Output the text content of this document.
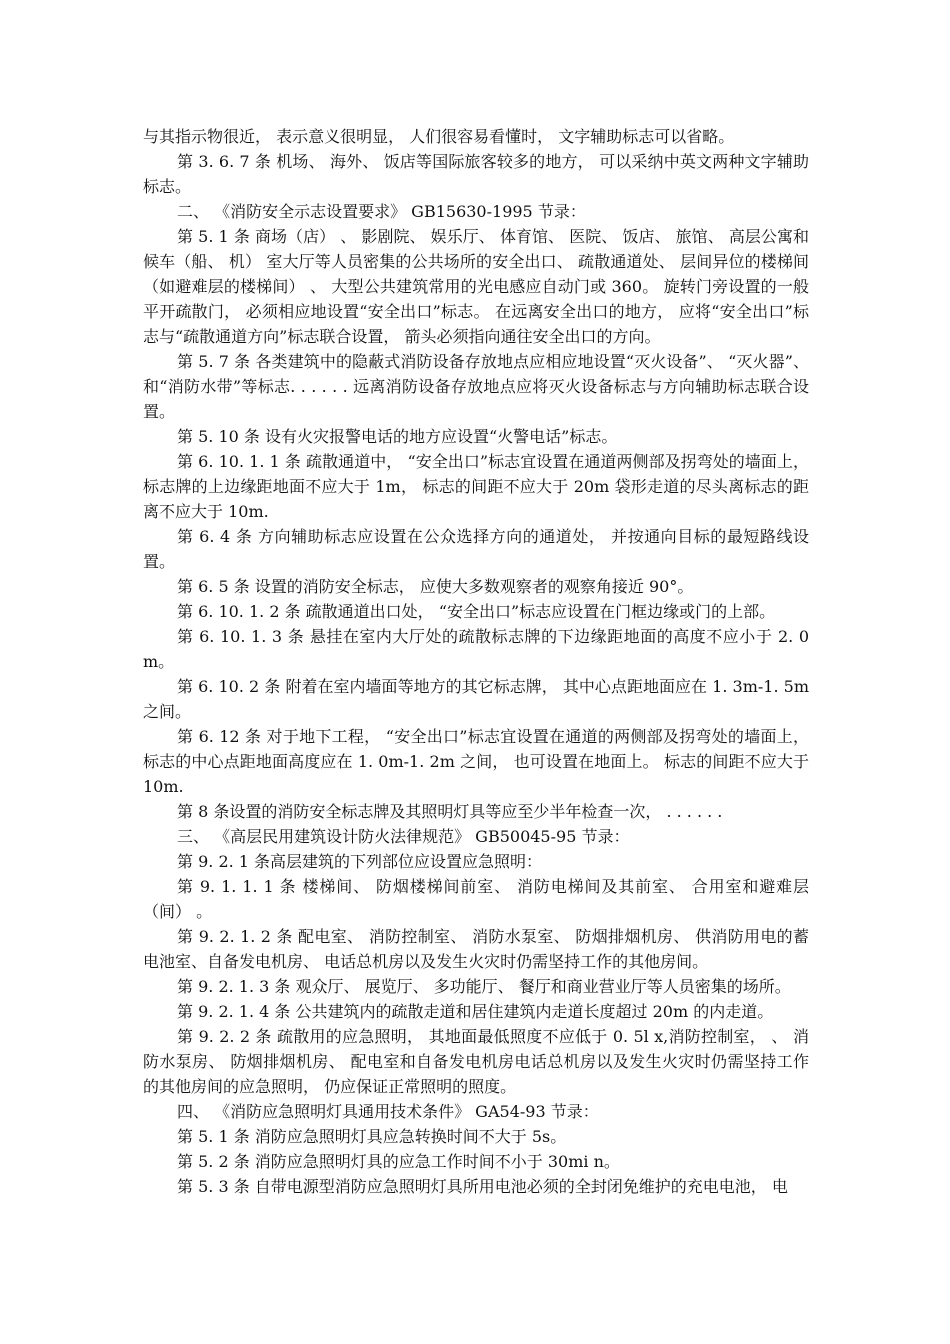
与其指示物很近， 表示意义很明显， 人们很容易看懂时， 文字辅助标志可以省略。

第 3. 6. 7 条 机场、 海外、 饭店等国际旅客较多的地方， 可以采纳中英文两种文字辅助标志。

二、 《消防安全示志设置要求》 GB15630-1995 节录：

第 5. 1 条 商场（店） 、 影剧院、 娱乐厅、 体育馆、 医院、 饭店、 旅馆、 高层公寓和候车（船、 机） 室大厅等人员密集的公共场所的安全出口、 疏散通道处、 层间异位的楼梯间（如避难层的楼梯间） 、 大型公共建筑常用的光电感应自动门或 360。 旋转门旁设置的一般平开疏散门， 必须相应地设置“安全出口”标志。 在远离安全出口的地方， 应将“安全出口”标志与“疏散通道方向”标志联合设置， 箭头必须指向通往安全出口的方向。

第 5. 7 条 各类建筑中的隐蔽式消防设备存放地点应相应地设置“灭火设备”、 “灭火器”、 和“消防水带”等标志. . . . . . 远离消防设备存放地点应将灭火设备标志与方向辅助标志联合设置。

第 5. 10 条 设有火灾报警电话的地方应设置“火警电话”标志。

第 6. 10. 1. 1 条 疏散通道中， “安全出口”标志宜设置在通道两侧部及拐弯处的墙面上， 标志牌的上边缘距地面不应大于 1m， 标志的间距不应大于 20m 袋形走道的尽头离标志的距离不应大于 10m.

第 6. 4 条 方向辅助标志应设置在公众选择方向的通道处， 并按通向目标的最短路线设置。

第 6. 5 条 设置的消防安全标志， 应使大多数观察者的观察角接近 90°。

第 6. 10. 1. 2 条 疏散通道出口处， “安全出口”标志应设置在门框边缘或门的上部。

第 6. 10. 1. 3 条 悬挂在室内大厅处的疏散标志牌的下边缘距地面的高度不应小于 2. 0m。

第 6. 10. 2 条 附着在室内墙面等地方的其它标志牌， 其中心点距地面应在 1. 3m-1. 5m 之间。

第 6. 12 条 对于地下工程， “安全出口”标志宜设置在通道的两侧部及拐弯处的墙面上， 标志的中心点距地面高度应在 1. 0m-1. 2m 之间， 也可设置在地面上。 标志的间距不应大于 10m.

第 8 条设置的消防安全标志牌及其照明灯具等应至少半年检查一次， . . . . . .

三、 《高层民用建筑设计防火法律规范》 GB50045-95 节录：

第 9. 2. 1 条高层建筑的下列部位应设置应急照明：

第 9. 1. 1. 1 条 楼梯间、 防烟楼梯间前室、 消防电梯间及其前室、 合用室和避难层（间） 。

第 9. 2. 1. 2 条 配电室、 消防控制室、 消防水泵室、 防烟排烟机房、 供消防用电的蓄电池室、自备发电机房、 电话总机房以及发生火灾时仍需坚持工作的其他房间。

第 9. 2. 1. 3 条 观众厅、 展览厅、 多功能厅、 餐厅和商业营业厅等人员密集的场所。

第 9. 2. 1. 4 条 公共建筑内的疏散走道和居住建筑内走道长度超过 20m 的内走道。

第 9. 2. 2 条 疏散用的应急照明， 其地面最低照度不应低于 0. 5l x,消防控制室， 、 消防水泵房、 防烟排烟机房、 配电室和自备发电机房电话总机房以及发生火灾时仍需坚持工作的其他房间的应急照明， 仍应保证正常照明的照度。

四、 《消防应急照明灯具通用技术条件》 GA54-93 节录：

第 5. 1 条 消防应急照明灯具应急转换时间不大于 5s。

第 5. 2 条 消防应急照明灯具的应急工作时间不小于 30mi n。

第 5. 3 条 自带电源型消防应急照明灯具所用电池必须的全封闭免维护的充电电池， 电
